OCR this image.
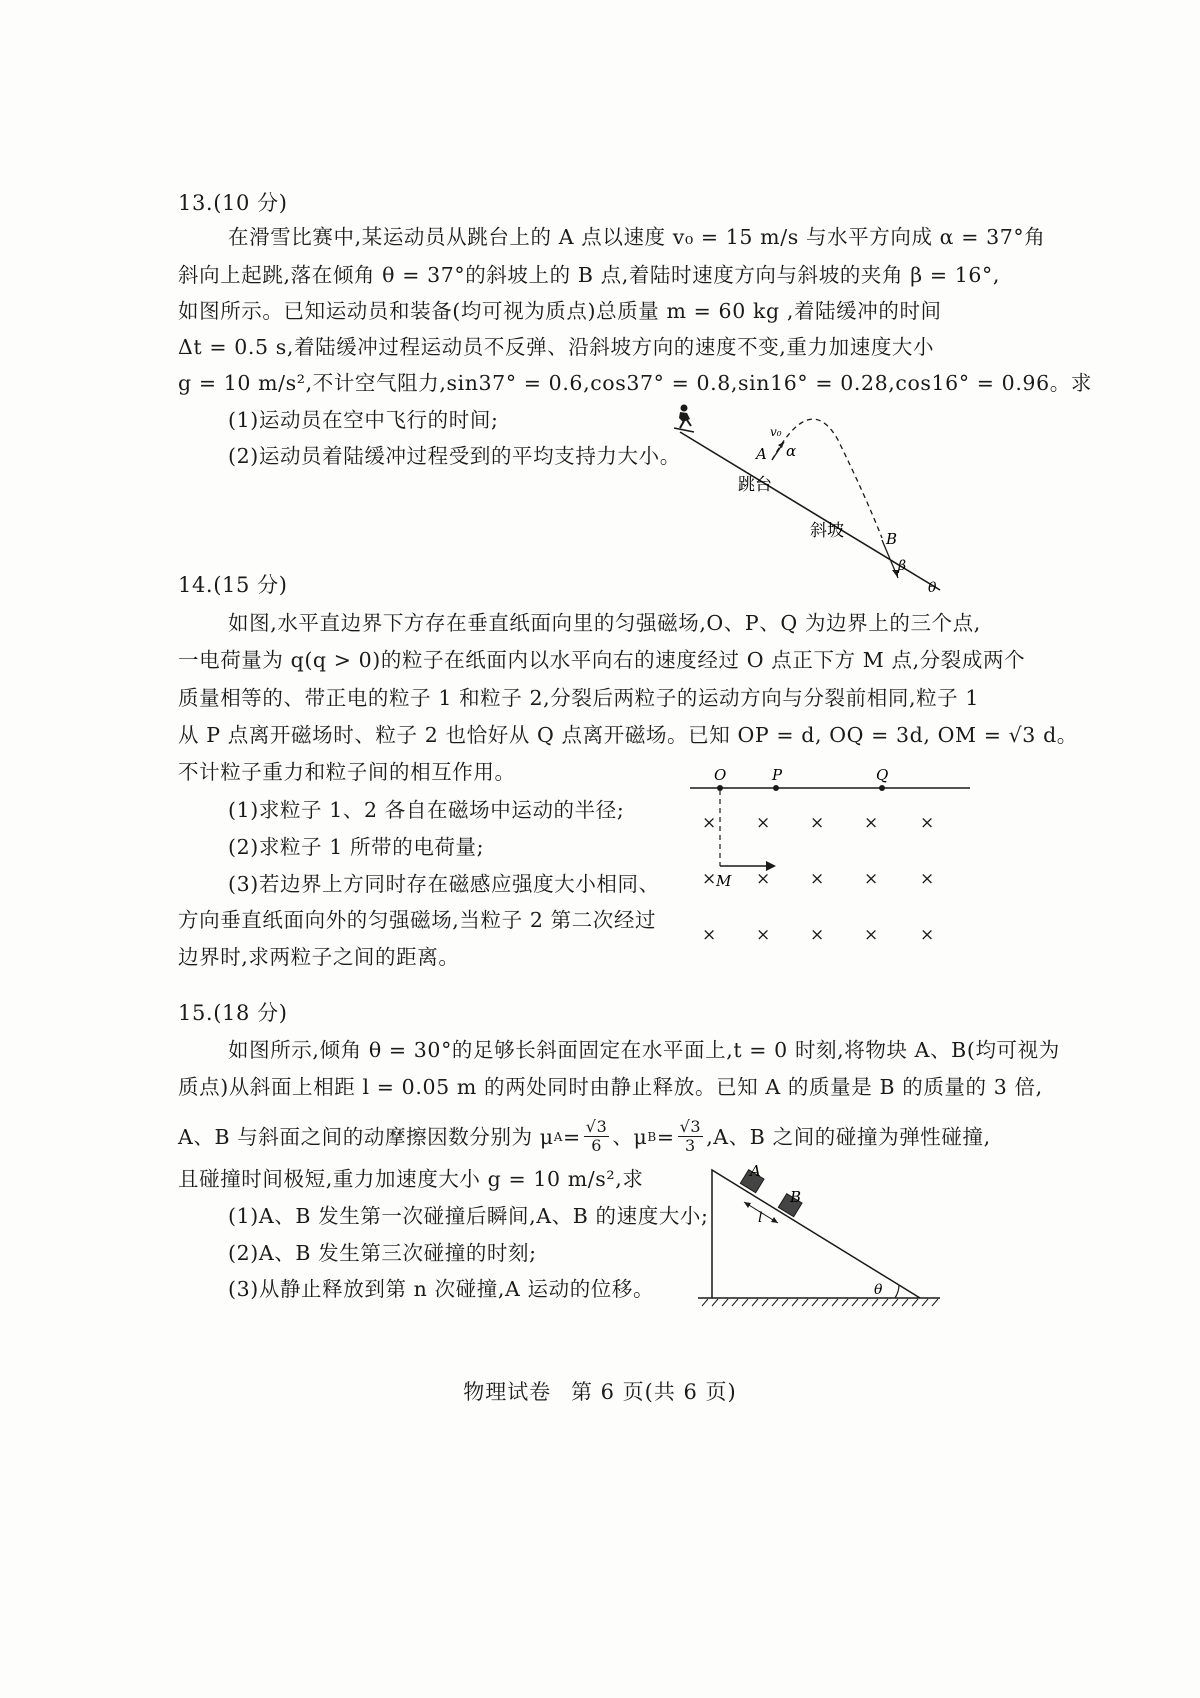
13.(10 分)
在滑雪比赛中,某运动员从跳台上的 A 点以速度 v₀ = 15 m/s 与水平方向成 α = 37°角
斜向上起跳,落在倾角 θ = 37°的斜坡上的 B 点,着陆时速度方向与斜坡的夹角 β = 16°,
如图所示。已知运动员和装备(均可视为质点)总质量 m = 60 kg ,着陆缓冲的时间
Δt = 0.5 s,着陆缓冲过程运动员不反弹、沿斜坡方向的速度不变,重力加速度大小
g = 10 m/s²,不计空气阻力,sin37° = 0.6,cos37° = 0.8,sin16° = 0.28,cos16° = 0.96。求
(1)运动员在空中飞行的时间;
(2)运动员着陆缓冲过程受到的平均支持力大小。
v₀
A α
跳台
斜坡	B
β
θ
14.(15 分)
如图,水平直边界下方存在垂直纸面向里的匀强磁场,O、P、Q 为边界上的三个点,
一电荷量为 q(q > 0)的粒子在纸面内以水平向右的速度经过 O 点正下方 M 点,分裂成两个
质量相等的、带正电的粒子 1 和粒子 2,分裂后两粒子的运动方向与分裂前相同,粒子 1
从 P 点离开磁场时、粒子 2 也恰好从 Q 点离开磁场。已知 OP = d, OQ = 3d, OM = √3 d。
不计粒子重力和粒子间的相互作用。
(1)求粒子 1、2 各自在磁场中运动的半径;
(2)求粒子 1 所带的电荷量;
(3)若边界上方同时存在磁感应强度大小相同、
方向垂直纸面向外的匀强磁场,当粒子 2 第二次经过
边界时,求两粒子之间的距离。
O	P	Q
M
× × × × ×
× × × × ×
× × × × ×
15.(18 分)
如图所示,倾角 θ = 30°的足够长斜面固定在水平面上,t = 0 时刻,将物块 A、B(均可视为
质点)从斜面上相距 l = 0.05 m 的两处同时由静止释放。已知 A 的质量是 B 的质量的 3 倍,
A、B 与斜面之间的动摩擦因数分别为 μ $A = \frac{√3}{6}$ 、μ $B = \frac{√3}{3} ,A$、B 之间的碰撞为弹性碰撞,
且碰撞时间极短,重力加速度大小 g = 10 m/s²,求
(1)A、B 发生第一次碰撞后瞬间,A、B 的速度大小;
(2)A、B 发生第三次碰撞的时刻;
(3)从静止释放到第 n 次碰撞,A 运动的位移。
A
B
l
θ
物理试卷 第 6 页(共 6 页)
